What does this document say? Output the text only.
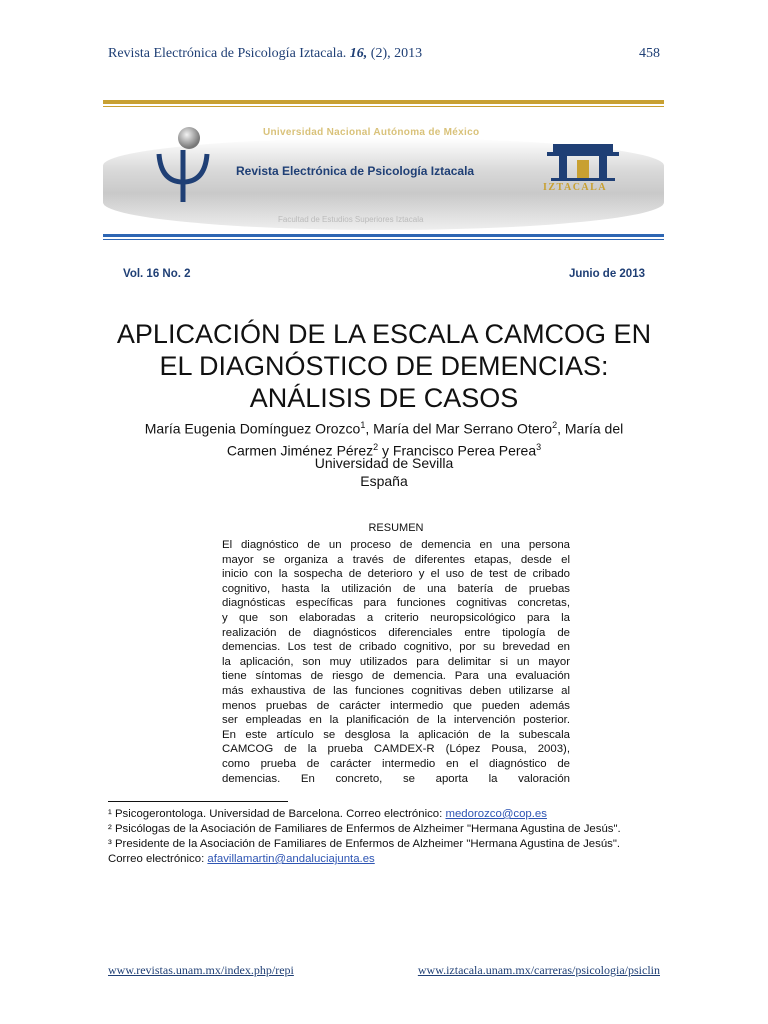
Revista Electrónica de Psicología Iztacala. 16, (2), 2013	458
Universidad Nacional Autónoma de México
Revista Electrónica de Psicología Iztacala
Facultad de Estudios Superiores Iztacala
IZTACALA
Vol. 16 No. 2	Junio de 2013
APLICACIÓN DE LA ESCALA CAMCOG EN
EL DIAGNÓSTICO DE DEMENCIAS:
ANÁLISIS DE CASOS
María Eugenia Domínguez Orozco$^1$, María del Mar Serrano Otero$^2$, María del
Carmen Jiménez Pérez$^2$ y Francisco Perea Perea$^3$
Universidad de Sevilla
España
RESUMEN
El diagnóstico de un proceso de demencia en una persona
mayor se organiza a través de diferentes etapas, desde el
inicio con la sospecha de deterioro y el uso de test de cribado
cognitivo, hasta la utilización de una batería de pruebas
diagnósticas específicas para funciones cognitivas concretas,
y que son elaboradas a criterio neuropsicológico para la
realización de diagnósticos diferenciales entre tipología de
demencias. Los test de cribado cognitivo, por su brevedad en
la aplicación, son muy utilizados para delimitar si un mayor
tiene síntomas de riesgo de demencia. Para una evaluación
más exhaustiva de las funciones cognitivas deben utilizarse al
menos pruebas de carácter intermedio que pueden además
ser empleadas en la planificación de la intervención posterior.
En este artículo se desglosa la aplicación de la subescala
CAMCOG de la prueba CAMDEX-R (López Pousa, 2003),
como prueba de carácter intermedio en el diagnóstico de
demencias. En concreto, se aporta la valoración

¹ Psicogerontologa. Universidad de Barcelona. Correo electrónico: medorozco@cop.es

² Psicólogas de la Asociación de Familiares de Enfermos de Alzheimer "Hermana Agustina de Jesús".

³ Presidente de la Asociación de Familiares de Enfermos de Alzheimer "Hermana Agustina de Jesús". Correo electrónico: afavillamartin@andaluciajunta.es

www.revistas.unam.mx/index.php/repi	www.iztacala.unam.mx/carreras/psicologia/psiclin
